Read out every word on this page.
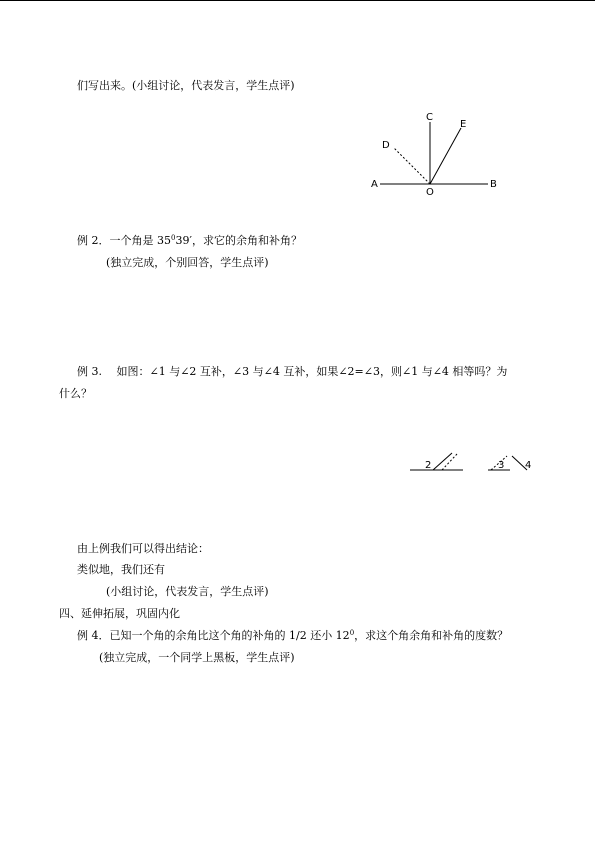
们写出来。(小组讨论，代表发言，学生点评)
A	B
C
E
D
O
例 2．一个角是 $35^039'$，求它的余角和补角？
(独立完成，个别回答，学生点评)
例 3.　 如图：∠1 与∠2 互补，∠3 与∠4 互补，如果∠2=∠3，则∠1 与∠4 相等吗？为
什么？
2	3 4
由上例我们可以得出结论：
类似地，我们还有
(小组讨论，代表发言，学生点评)
四、延伸拓展，巩固内化
例 4．已知一个角的余角比这个角的补角的 1/2 还小 $12^0$，求这个角余角和补角的度数？
(独立完成，一个同学上黑板，学生点评)
